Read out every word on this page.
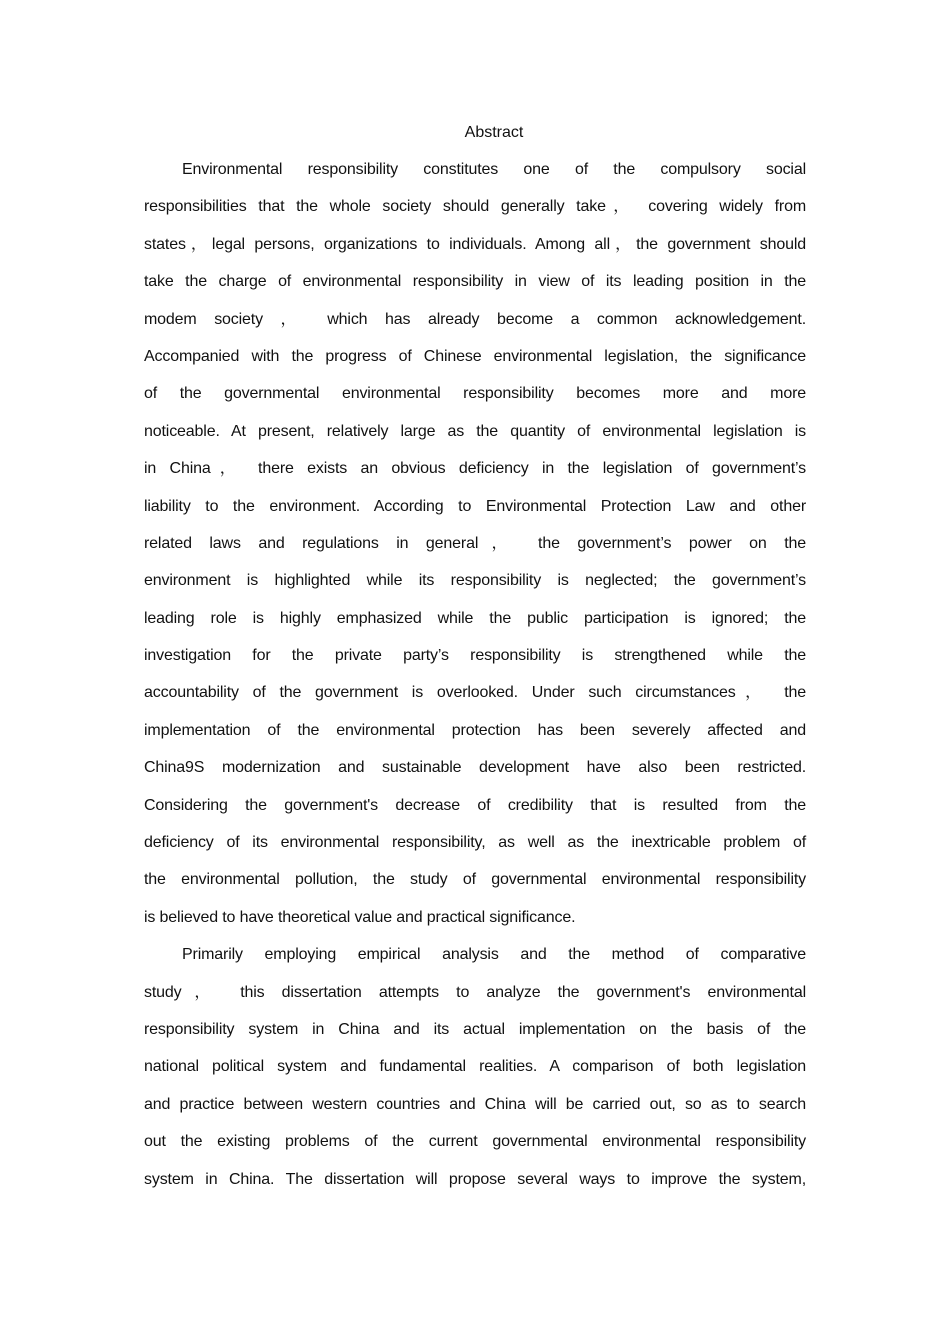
Abstract
Environmental responsibility constitutes one of the compulsory social
responsibilities that the whole society should generally take， covering widely from
states，legal persons, organizations to individuals. Among all，the government should
take the charge of environmental responsibility in view of its leading position in the
modem society ， which has already become a common acknowledgement.
Accompanied with the progress of Chinese environmental legislation, the significance
of the governmental environmental responsibility becomes more and more
noticeable. At present, relatively large as the quantity of environmental legislation is
in China， there exists an obvious deficiency in the legislation of government’s
liability to the environment. According to Environmental Protection Law and other
related laws and regulations in general， the government’s power on the
environment is highlighted while its responsibility is neglected; the government’s
leading role is highly emphasized while the public participation is ignored; the
investigation for the private party’s responsibility is strengthened while the
accountability of the government is overlooked. Under such circumstances， the
implementation of the environmental protection has been severely affected and
China9S modernization and sustainable development have also been restricted.
Considering the government's decrease of credibility that is resulted from the
deficiency of its environmental responsibility, as well as the inextricable problem of
the environmental pollution, the study of governmental environmental responsibility
is believed to have theoretical value and practical significance.
Primarily employing empirical analysis and the method of comparative
study， this dissertation attempts to analyze the government's environmental
responsibility system in China and its actual implementation on the basis of the
national political system and fundamental realities. A comparison of both legislation
and practice between western countries and China will be carried out, so as to search
out the existing problems of the current governmental environmental responsibility
system in China. The dissertation will propose several ways to improve the system,
